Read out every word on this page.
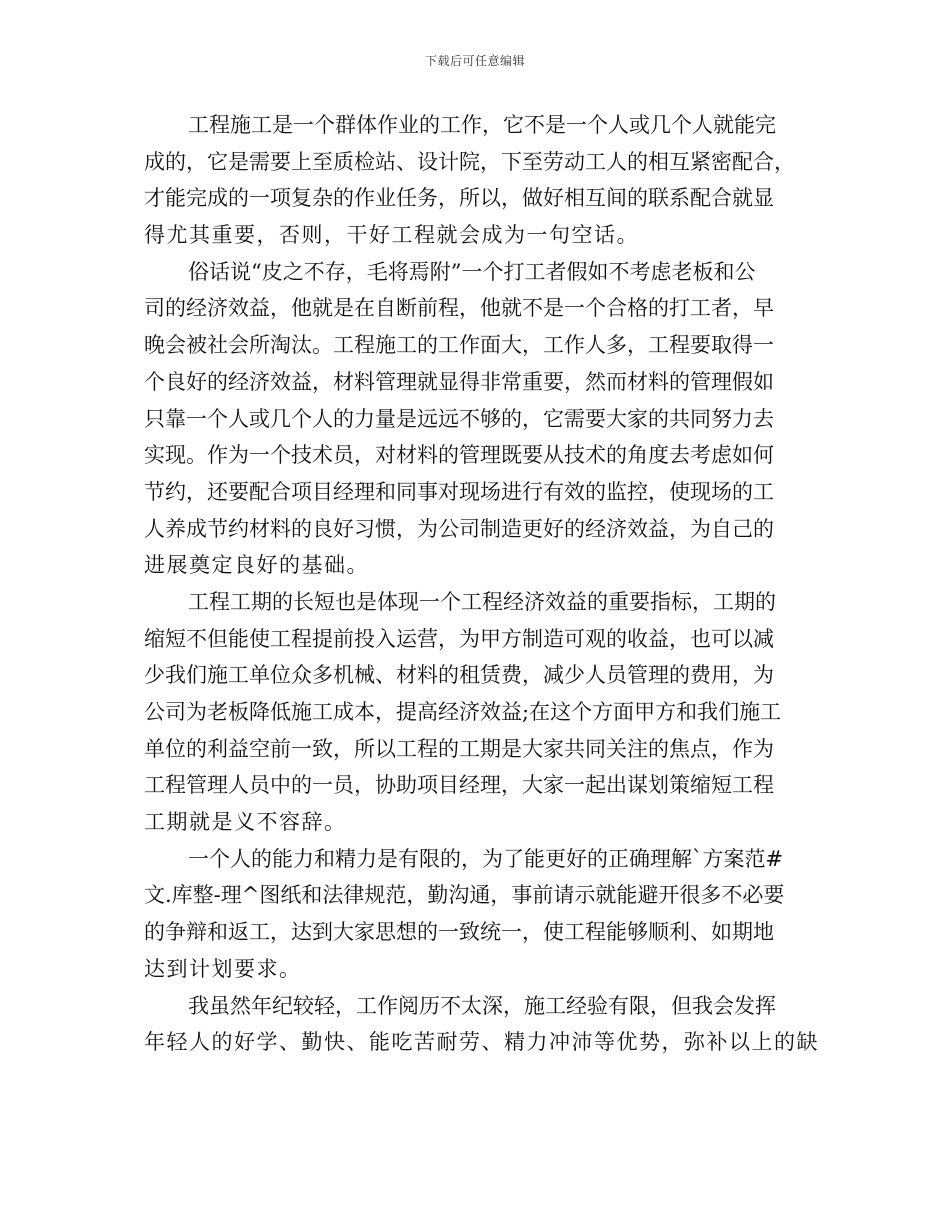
下载后可任意编辑
工程施工是一个群体作业的工作，它不是一个人或几个人就能完
成的，它是需要上至质检站、设计院，下至劳动工人的相互紧密配合，
才能完成的一项复杂的作业任务，所以，做好相互间的联系配合就显
得尤其重要，否则，干好工程就会成为一句空话。
俗话说“皮之不存，毛将焉附”一个打工者假如不考虑老板和公
司的经济效益，他就是在自断前程，他就不是一个合格的打工者，早
晚会被社会所淘汰。工程施工的工作面大，工作人多，工程要取得一
个良好的经济效益，材料管理就显得非常重要，然而材料的管理假如
只靠一个人或几个人的力量是远远不够的，它需要大家的共同努力去
实现。作为一个技术员，对材料的管理既要从技术的角度去考虑如何
节约，还要配合项目经理和同事对现场进行有效的监控，使现场的工
人养成节约材料的良好习惯，为公司制造更好的经济效益，为自己的
进展奠定良好的基础。
工程工期的长短也是体现一个工程经济效益的重要指标，工期的
缩短不但能使工程提前投入运营，为甲方制造可观的收益，也可以减
少我们施工单位众多机械、材料的租赁费，减少人员管理的费用，为
公司为老板降低施工成本，提高经济效益;在这个方面甲方和我们施工
单位的利益空前一致，所以工程的工期是大家共同关注的焦点，作为
工程管理人员中的一员，协助项目经理，大家一起出谋划策缩短工程
工期就是义不容辞。
一个人的能力和精力是有限的，为了能更好的正确理解`方案范#
文.库整-理^图纸和法律规范，勤沟通，事前请示就能避开很多不必要
的争辩和返工，达到大家思想的一致统一，使工程能够顺利、如期地
达到计划要求。
我虽然年纪较轻，工作阅历不太深，施工经验有限，但我会发挥
年轻人的好学、勤快、能吃苦耐劳、精力冲沛等优势，弥补以上的缺
